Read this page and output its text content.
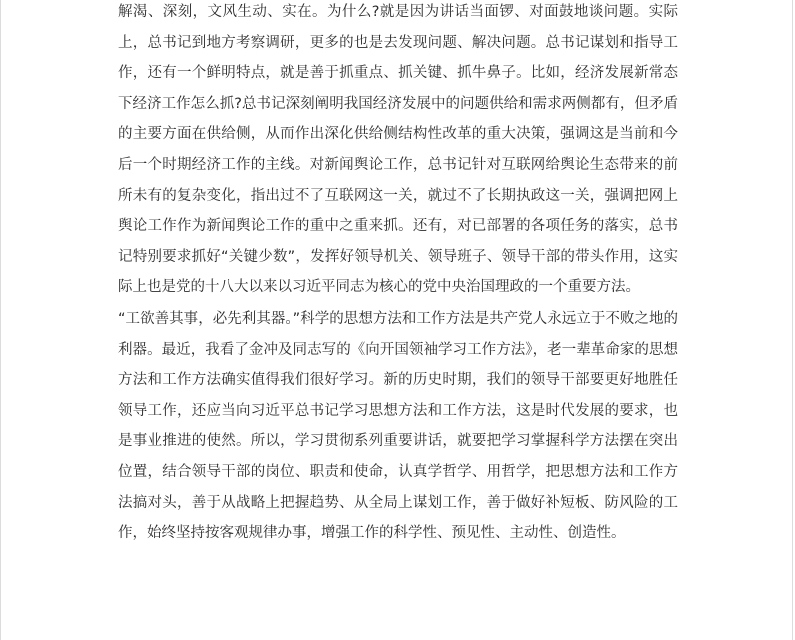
解渴、深刻，文风生动、实在。为什么?就是因为讲话当面锣、对面鼓地谈问题。实际上，总书记到地方考察调研，更多的也是去发现问题、解决问题。总书记谋划和指导工作，还有一个鲜明特点，就是善于抓重点、抓关键、抓牛鼻子。比如，经济发展新常态下经济工作怎么抓?总书记深刻阐明我国经济发展中的问题供给和需求两侧都有，但矛盾的主要方面在供给侧，从而作出深化供给侧结构性改革的重大决策，强调这是当前和今后一个时期经济工作的主线。对新闻舆论工作，总书记针对互联网给舆论生态带来的前所未有的复杂变化，指出过不了互联网这一关，就过不了长期执政这一关，强调把网上舆论工作作为新闻舆论工作的重中之重来抓。还有，对已部署的各项任务的落实，总书记特别要求抓好“关键少数”，发挥好领导机关、领导班子、领导干部的带头作用，这实际上也是党的十八大以来以习近平同志为核心的党中央治国理政的一个重要方法。

“工欲善其事，必先利其器。”科学的思想方法和工作方法是共产党人永远立于不败之地的利器。最近，我看了金冲及同志写的《向开国领袖学习工作方法》，老一辈革命家的思想方法和工作方法确实值得我们很好学习。新的历史时期，我们的领导干部要更好地胜任领导工作，还应当向习近平总书记学习思想方法和工作方法，这是时代发展的要求，也是事业推进的使然。所以，学习贯彻系列重要讲话，就要把学习掌握科学方法摆在突出位置，结合领导干部的岗位、职责和使命，认真学哲学、用哲学，把思想方法和工作方法搞对头，善于从战略上把握趋势、从全局上谋划工作，善于做好补短板、防风险的工作，始终坚持按客观规律办事，增强工作的科学性、预见性、主动性、创造性。
